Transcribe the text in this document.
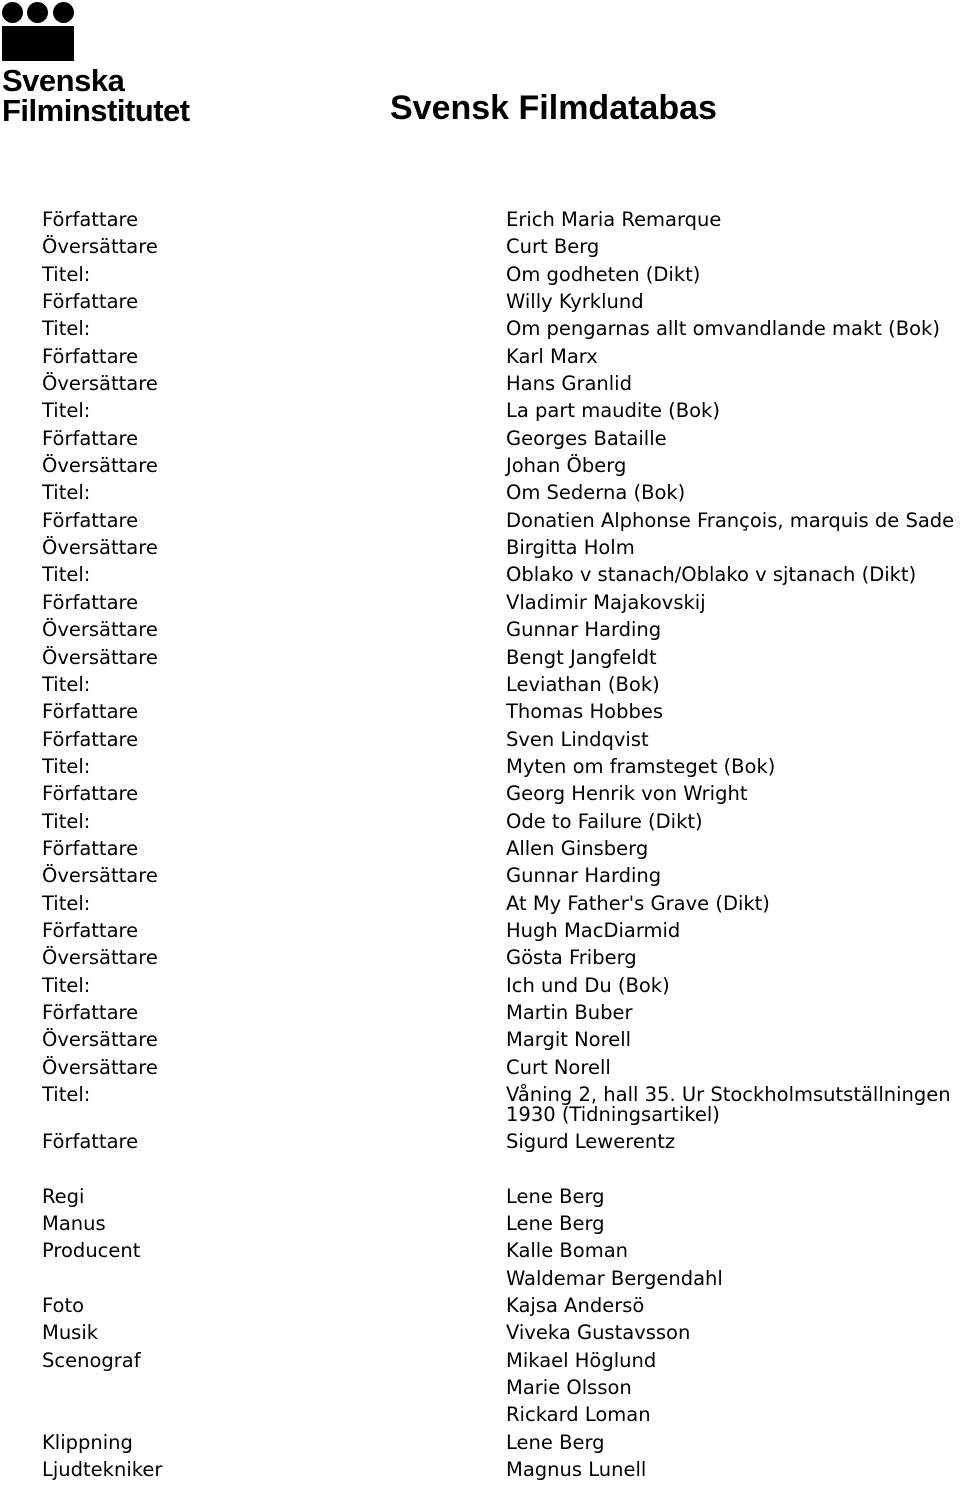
Svenska
Filminstitutet	Svensk Filmdatabas
Författare	Erich Maria Remarque
Översättare	Curt Berg
Titel:	Om godheten (Dikt)
Författare	Willy Kyrklund
Titel:	Om pengarnas allt omvandlande makt (Bok)
Författare	Karl Marx
Översättare	Hans Granlid
Titel:	La part maudite (Bok)
Författare	Georges Bataille
Översättare	Johan Öberg
Titel:	Om Sederna (Bok)
Författare	Donatien Alphonse François, marquis de Sade
Översättare	Birgitta Holm
Titel:	Oblako v stanach/Oblako v sjtanach (Dikt)
Författare	Vladimir Majakovskij
Översättare	Gunnar Harding
Översättare	Bengt Jangfeldt
Titel:	Leviathan (Bok)
Författare	Thomas Hobbes
Författare	Sven Lindqvist
Titel:	Myten om framsteget (Bok)
Författare	Georg Henrik von Wright
Titel:	Ode to Failure (Dikt)
Författare	Allen Ginsberg
Översättare	Gunnar Harding
Titel:	At My Father's Grave (Dikt)
Författare	Hugh MacDiarmid
Översättare	Gösta Friberg
Titel:	Ich und Du (Bok)
Författare	Martin Buber
Översättare	Margit Norell
Översättare	Curt Norell
Titel:	Våning 2, hall 35. Ur Stockholmsutställningen
1930 (Tidningsartikel)
Författare	Sigurd Lewerentz
Regi	Lene Berg
Manus	Lene Berg
Producent	Kalle Boman
Waldemar Bergendahl
Foto	Kajsa Andersö
Musik	Viveka Gustavsson
Scenograf	Mikael Höglund
Marie Olsson
Rickard Loman
Klippning	Lene Berg
Ljudtekniker	Magnus Lunell
